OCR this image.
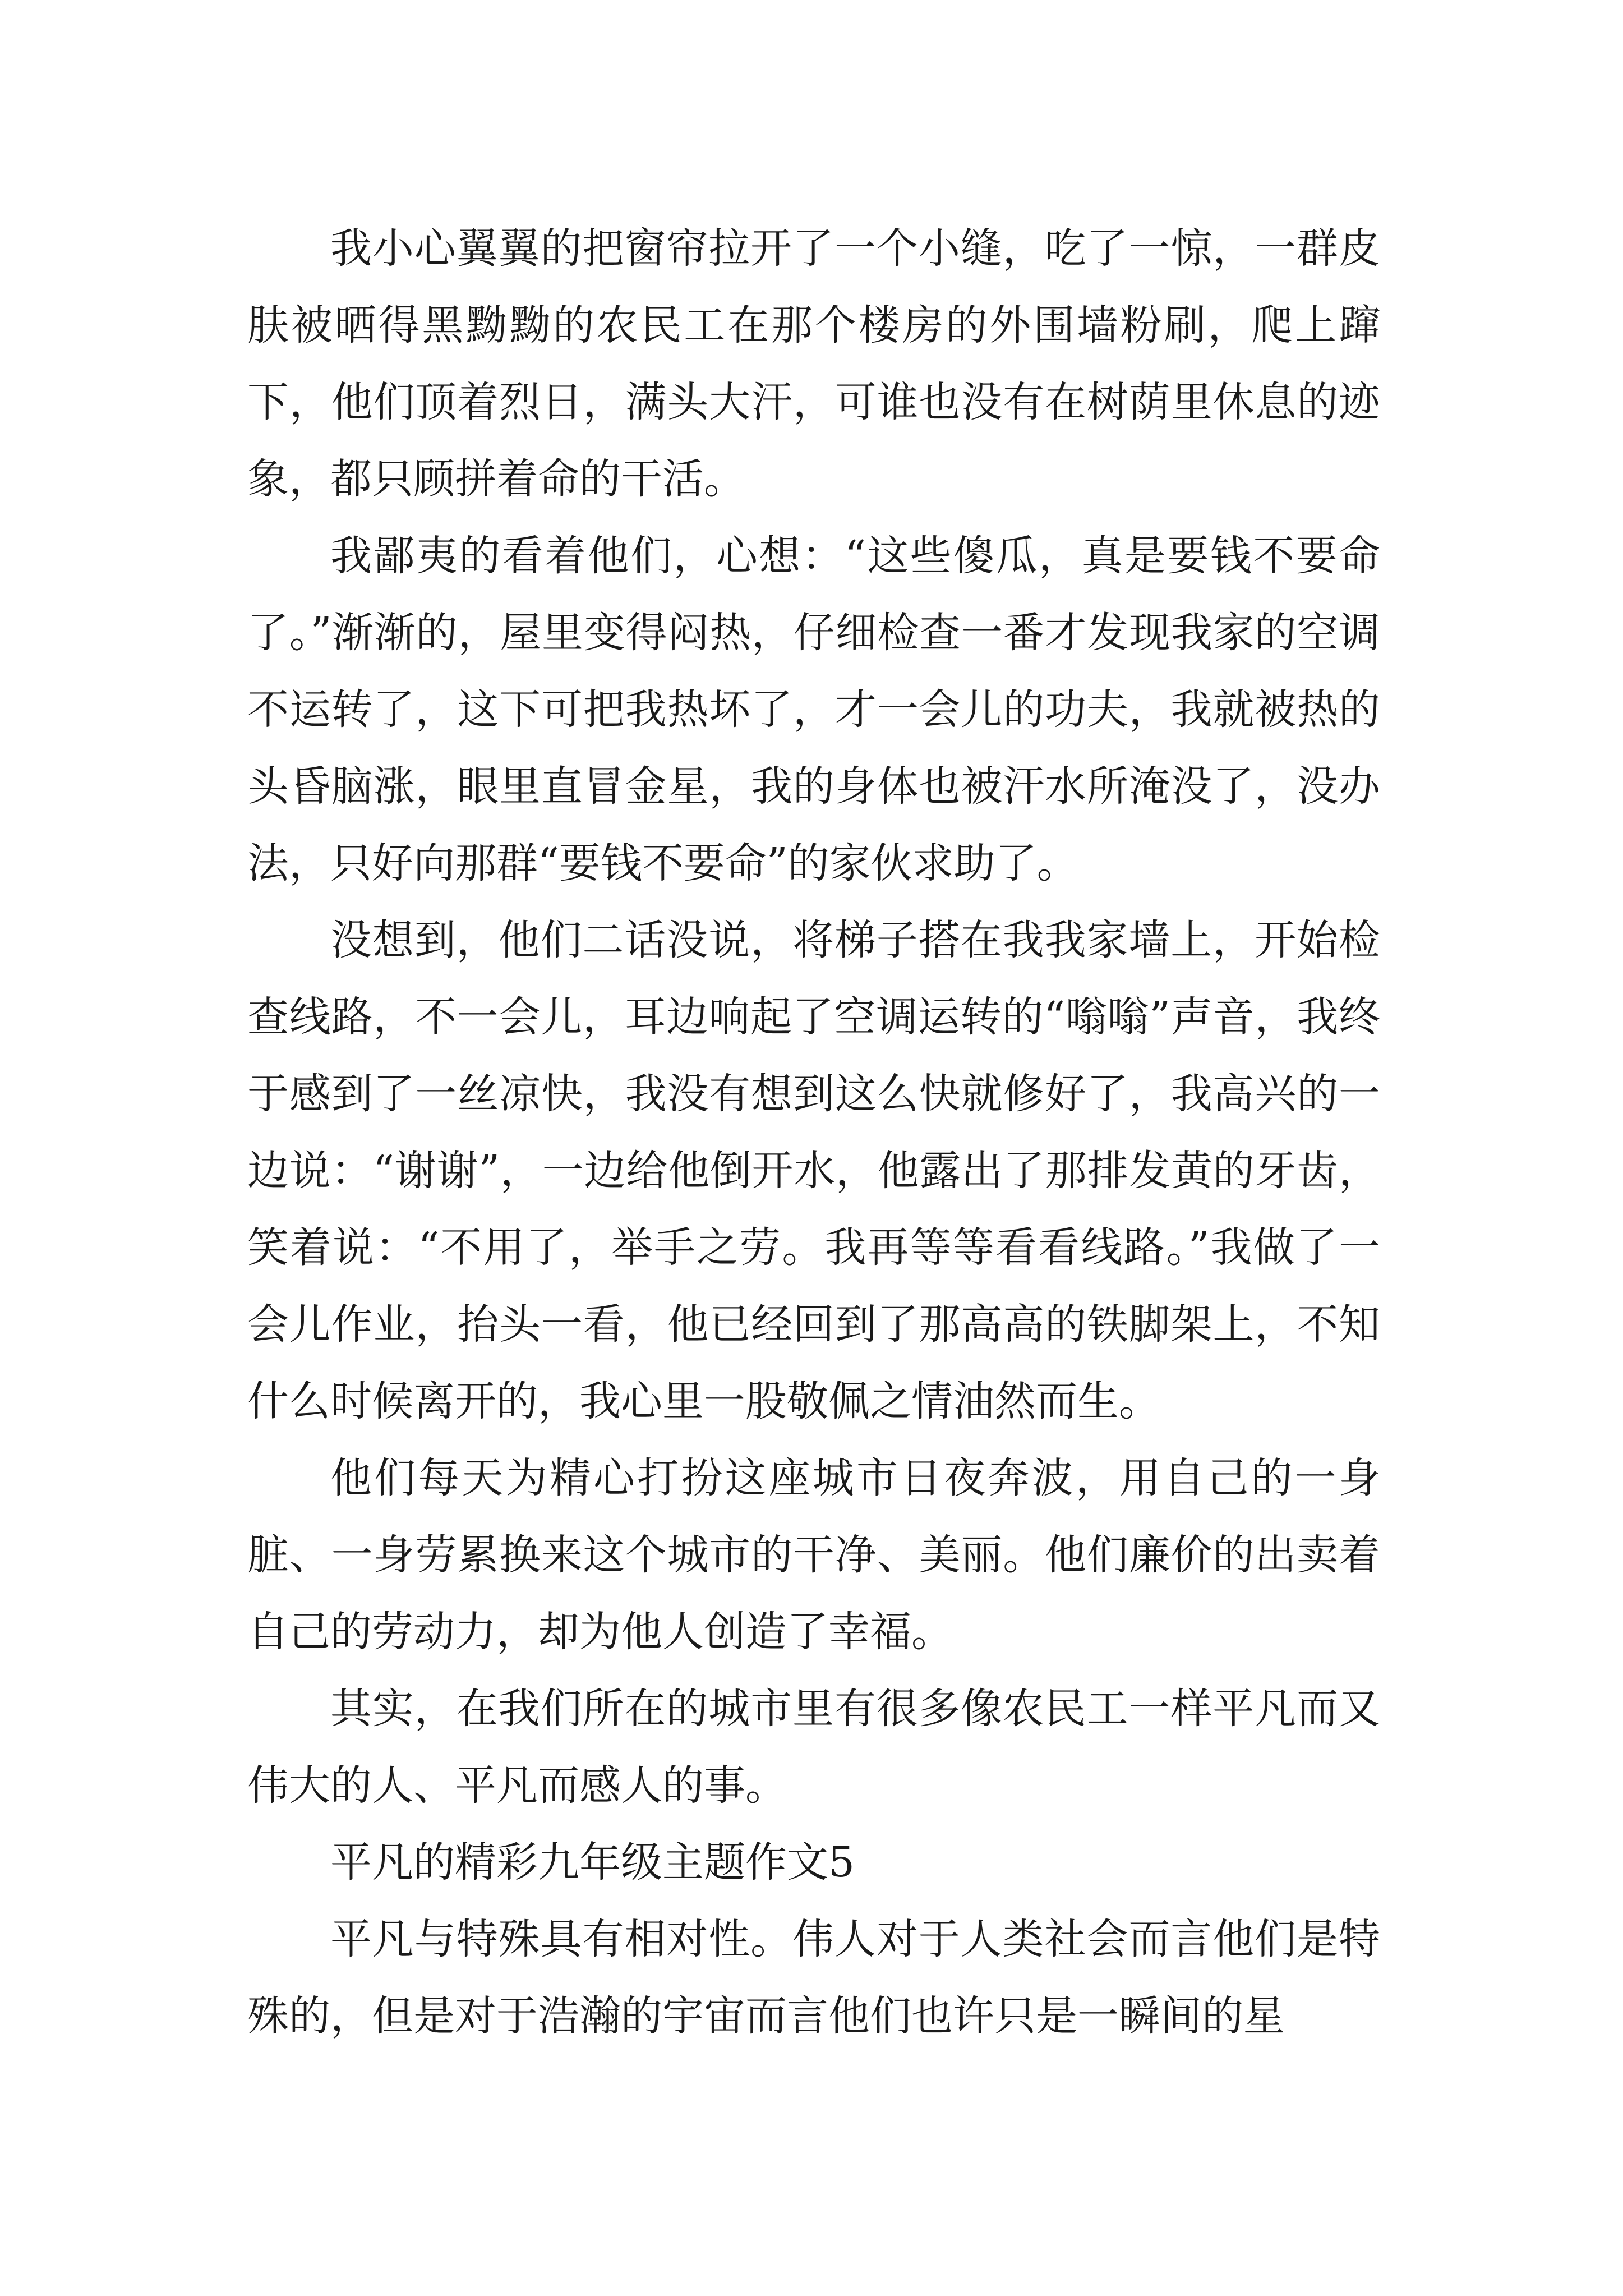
我小心翼翼的把窗帘拉开了一个小缝，吃了一惊，一群皮肤被晒得黑黝黝的农民工在那个楼房的外围墙粉刷，爬上蹿下，他们顶着烈日，满头大汗，可谁也没有在树荫里休息的迹象，都只顾拼着命的干活。

我鄙夷的看着他们，心想：“这些傻瓜，真是要钱不要命了。”渐渐的，屋里变得闷热，仔细检查一番才发现我家的空调不运转了，这下可把我热坏了，才一会儿的功夫，我就被热的头昏脑涨，眼里直冒金星，我的身体也被汗水所淹没了，没办法，只好向那群“要钱不要命”的家伙求助了。

没想到，他们二话没说，将梯子搭在我我家墙上，开始检查线路，不一会儿，耳边响起了空调运转的“嗡嗡”声音，我终于感到了一丝凉快，我没有想到这么快就修好了，我高兴的一边说：“谢谢”，一边给他倒开水，他露出了那排发黄的牙齿，笑着说：“不用了，举手之劳。我再等等看看线路。”我做了一会儿作业，抬头一看，他已经回到了那高高的铁脚架上，不知什么时候离开的，我心里一股敬佩之情油然而生。

他们每天为精心打扮这座城市日夜奔波，用自己的一身脏、一身劳累换来这个城市的干净、美丽。他们廉价的出卖着自己的劳动力，却为他人创造了幸福。

其实，在我们所在的城市里有很多像农民工一样平凡而又伟大的人、平凡而感人的事。

平凡的精彩九年级主题作文5

平凡与特殊具有相对性。伟人对于人类社会而言他们是特殊的，但是对于浩瀚的宇宙而言他们也许只是一瞬间的星
